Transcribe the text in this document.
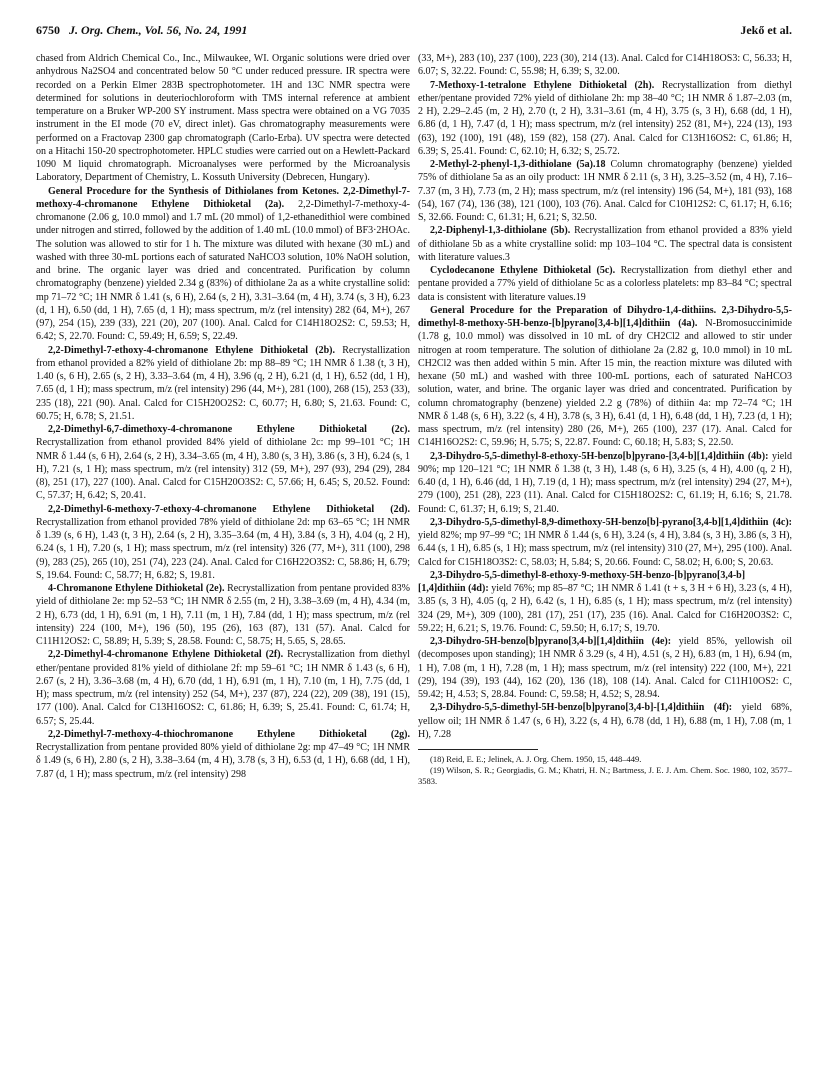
6750 J. Org. Chem., Vol. 56, No. 24, 1991	Jekő et al.

chased from Aldrich Chemical Co., Inc., Milwaukee, WI. Organic solutions were dried over anhydrous Na2SO4 and concentrated below 50 °C under reduced pressure. IR spectra were recorded on a Perkin Elmer 283B spectrophotometer. 1H and 13C NMR spectra were determined for solutions in deuteriochloroform with TMS internal reference at ambient temperature on a Bruker WP-200 SY instrument. Mass spectra were obtained on a VG 7035 instrument in the EI mode (70 eV, direct inlet). Gas chromatography measurements were performed on a Fractovap 2300 gap chromatograph (Carlo-Erba). UV spectra were detected on a Hitachi 150-20 spectrophotometer. HPLC studies were carried out on a Hewlett-Packard 1090 M liquid chromatograph. Microanalyses were performed by the Microanalysis Laboratory, Department of Chemistry, L. Kossuth University (Debrecen, Hungary).

General Procedure for the Synthesis of Dithiolanes from Ketones. 2,2-Dimethyl-7-methoxy-4-chromanone Ethylene Dithioketal (2a). 2,2-Dimethyl-7-methoxy-4-chromanone (2.06 g, 10.0 mmol) and 1.7 mL (20 mmol) of 1,2-ethanedithiol were combined under nitrogen and stirred, followed by the addition of 1.40 mL (10.0 mmol) of BF3·2HOAc. The solution was allowed to stir for 1 h. The mixture was diluted with hexane (30 mL) and washed with three 30-mL portions each of saturated NaHCO3 solution, 10% NaOH solution, and brine. The organic layer was dried and concentrated. Purification by column chromatography (benzene) yielded 2.34 g (83%) of dithiolane 2a as a white crystalline solid: mp 71–72 °C; 1H NMR δ 1.41 (s, 6 H), 2.64 (s, 2 H), 3.31–3.64 (m, 4 H), 3.74 (s, 3 H), 6.23 (d, 1 H), 6.50 (dd, 1 H), 7.65 (d, 1 H); mass spectrum, m/z (rel intensity) 282 (64, M+), 267 (97), 254 (15), 239 (33), 221 (20), 207 (100). Anal. Calcd for C14H18O2S2: C, 59.53; H, 6.42; S, 22.70. Found: C, 59.49; H, 6.59; S, 22.49.

2,2-Dimethyl-7-ethoxy-4-chromanone Ethylene Dithioketal (2b). Recrystallization from ethanol provided a 82% yield of dithiolane 2b: mp 88–89 °C; 1H NMR δ 1.38 (t, 3 H), 1.40 (s, 6 H), 2.65 (s, 2 H), 3.33–3.64 (m, 4 H), 3.96 (q, 2 H), 6.21 (d, 1 H), 6.52 (dd, 1 H), 7.65 (d, 1 H); mass spectrum, m/z (rel intensity) 296 (44, M+), 281 (100), 268 (15), 253 (33), 235 (18), 221 (90). Anal. Calcd for C15H20O2S2: C, 60.77; H, 6.80; S, 21.63. Found: C, 60.75; H, 6.78; S, 21.51.

2,2-Dimethyl-6,7-dimethoxy-4-chromanone Ethylene Dithioketal (2c). Recrystallization from ethanol provided 84% yield of dithiolane 2c: mp 99–101 °C; 1H NMR δ 1.44 (s, 6 H), 2.64 (s, 2 H), 3.34–3.65 (m, 4 H), 3.80 (s, 3 H), 3.86 (s, 3 H), 6.24 (s, 1 H), 7.21 (s, 1 H); mass spectrum, m/z (rel intensity) 312 (59, M+), 297 (93), 294 (29), 284 (8), 251 (17), 227 (100). Anal. Calcd for C15H20O3S2: C, 57.66; H, 6.45; S, 20.52. Found: C, 57.37; H, 6.42; S, 20.41.

2,2-Dimethyl-6-methoxy-7-ethoxy-4-chromanone Ethylene Dithioketal (2d). Recrystallization from ethanol provided 78% yield of dithiolane 2d: mp 63–65 °C; 1H NMR δ 1.39 (s, 6 H), 1.43 (t, 3 H), 2.64 (s, 2 H), 3.35–3.64 (m, 4 H), 3.84 (s, 3 H), 4.04 (q, 2 H), 6.24 (s, 1 H), 7.20 (s, 1 H); mass spectrum, m/z (rel intensity) 326 (77, M+), 311 (100), 298 (9), 283 (25), 265 (10), 251 (74), 223 (24). Anal. Calcd for C16H22O3S2: C, 58.86; H, 6.79; S, 19.64. Found: C, 58.77; H, 6.82; S, 19.81.

4-Chromanone Ethylene Dithioketal (2e). Recrystallization from pentane provided 83% yield of dithiolane 2e: mp 52–53 °C; 1H NMR δ 2.55 (m, 2 H), 3.38–3.69 (m, 4 H), 4.34 (m, 2 H), 6.73 (dd, 1 H), 6.91 (m, 1 H), 7.11 (m, 1 H), 7.84 (dd, 1 H); mass spectrum, m/z (rel intensity) 224 (100, M+), 196 (50), 195 (26), 163 (87), 131 (57). Anal. Calcd for C11H12OS2: C, 58.89; H, 5.39; S, 28.58. Found: C, 58.75; H, 5.65, S, 28.65.

2,2-Dimethyl-4-chromanone Ethylene Dithioketal (2f). Recrystallization from diethyl ether/pentane provided 81% yield of dithiolane 2f: mp 59–61 °C; 1H NMR δ 1.43 (s, 6 H), 2.67 (s, 2 H), 3.36–3.68 (m, 4 H), 6.70 (dd, 1 H), 6.91 (m, 1 H), 7.10 (m, 1 H), 7.75 (dd, 1 H); mass spectrum, m/z (rel intensity) 252 (54, M+), 237 (87), 224 (22), 209 (38), 191 (15), 177 (100). Anal. Calcd for C13H16OS2: C, 61.86; H, 6.39; S, 25.41. Found: C, 61.74; H, 6.57; S, 25.44.

2,2-Dimethyl-7-methoxy-4-thiochromanone Ethylene Dithioketal (2g). Recrystallization from pentane provided 80% yield of dithiolane 2g: mp 47–49 °C; 1H NMR δ 1.49 (s, 6 H), 2.80 (s, 2 H), 3.38–3.64 (m, 4 H), 3.78 (s, 3 H), 6.53 (d, 1 H), 6.68 (dd, 1 H), 7.87 (d, 1 H); mass spectrum, m/z (rel intensity) 298

(33, M+), 283 (10), 237 (100), 223 (30), 214 (13). Anal. Calcd for C14H18OS3: C, 56.33; H, 6.07; S, 32.22. Found: C, 55.98; H, 6.39; S, 32.00.

7-Methoxy-1-tetralone Ethylene Dithioketal (2h). Recrystallization from diethyl ether/pentane provided 72% yield of dithiolane 2h: mp 38–40 °C; 1H NMR δ 1.87–2.03 (m, 2 H), 2.29–2.45 (m, 2 H), 2.70 (t, 2 H), 3.31–3.61 (m, 4 H), 3.75 (s, 3 H), 6.68 (dd, 1 H), 6.86 (d, 1 H), 7.47 (d, 1 H); mass spectrum, m/z (rel intensity) 252 (81, M+), 224 (13), 193 (63), 192 (100), 191 (48), 159 (82), 158 (27). Anal. Calcd for C13H16OS2: C, 61.86; H, 6.39; S, 25.41. Found: C, 62.10; H, 6.32; S, 25.72.

2-Methyl-2-phenyl-1,3-dithiolane (5a).18 Column chromatography (benzene) yielded 75% of dithiolane 5a as an oily product: 1H NMR δ 2.11 (s, 3 H), 3.25–3.52 (m, 4 H), 7.16–7.37 (m, 3 H), 7.73 (m, 2 H); mass spectrum, m/z (rel intensity) 196 (54, M+), 181 (93), 168 (54), 167 (74), 136 (38), 121 (100), 103 (76). Anal. Calcd for C10H12S2: C, 61.17; H, 6.16; S, 32.66. Found: C, 61.31; H, 6.21; S, 32.50.

2,2-Diphenyl-1,3-dithiolane (5b). Recrystallization from ethanol provided a 83% yield of dithiolane 5b as a white crystalline solid: mp 103–104 °C. The spectral data is consistent with literature values.3

Cyclodecanone Ethylene Dithioketal (5c). Recrystallization from diethyl ether and pentane provided a 77% yield of dithiolane 5c as a colorless platelets: mp 83–84 °C; spectral data is consistent with literature values.19

General Procedure for the Preparation of Dihydro-1,4-dithiins. 2,3-Dihydro-5,5-dimethyl-8-methoxy-5H-benzo-[b]pyrano[3,4-b][1,4]dithiin (4a). N-Bromosuccinimide (1.78 g, 10.0 mmol) was dissolved in 10 mL of dry CH2Cl2 and allowed to stir under nitrogen at room temperature. The solution of dithiolane 2a (2.82 g, 10.0 mmol) in 10 mL CH2Cl2 was then added within 5 min. After 15 min, the reaction mixture was diluted with hexane (50 mL) and washed with three 100-mL portions, each of saturated NaHCO3 solution, water, and brine. The organic layer was dried and concentrated. Purification by column chromatography (benzene) yielded 2.2 g (78%) of dithiin 4a: mp 72–74 °C; 1H NMR δ 1.48 (s, 6 H), 3.22 (s, 4 H), 3.78 (s, 3 H), 6.41 (d, 1 H), 6.48 (dd, 1 H), 7.23 (d, 1 H); mass spectrum, m/z (rel intensity) 280 (26, M+), 265 (100), 237 (17). Anal. Calcd for C14H16O2S2: C, 59.96; H, 5.75; S, 22.87. Found: C, 60.18; H, 5.83; S, 22.50.

2,3-Dihydro-5,5-dimethyl-8-ethoxy-5H-benzo[b]pyrano-[3,4-b][1,4]dithiin (4b): yield 90%; mp 120–121 °C; 1H NMR δ 1.38 (t, 3 H), 1.48 (s, 6 H), 3.25 (s, 4 H), 4.00 (q, 2 H), 6.40 (d, 1 H), 6.46 (dd, 1 H), 7.19 (d, 1 H); mass spectrum, m/z (rel intensity) 294 (27, M+), 279 (100), 251 (28), 223 (11). Anal. Calcd for C15H18O2S2: C, 61.19; H, 6.16; S, 21.78. Found: C, 61.37; H, 6.19; S, 21.40.

2,3-Dihydro-5,5-dimethyl-8,9-dimethoxy-5H-benzo[b]-pyrano[3,4-b][1,4]dithiin (4c): yield 82%; mp 97–99 °C; 1H NMR δ 1.44 (s, 6 H), 3.24 (s, 4 H), 3.84 (s, 3 H), 3.86 (s, 3 H), 6.44 (s, 1 H), 6.85 (s, 1 H); mass spectrum, m/z (rel intensity) 310 (27, M+), 295 (100). Anal. Calcd for C15H18O3S2: C, 58.03; H, 5.84; S, 20.66. Found: C, 58.02; H, 6.00; S, 20.63.

2,3-Dihydro-5,5-dimethyl-8-ethoxy-9-methoxy-5H-benzo-[b]pyrano[3,4-b][1,4]dithiin (4d): yield 76%; mp 85–87 °C; 1H NMR δ 1.41 (t + s, 3 H + 6 H), 3.23 (s, 4 H), 3.85 (s, 3 H), 4.05 (q, 2 H), 6.42 (s, 1 H), 6.85 (s, 1 H); mass spectrum, m/z (rel intensity) 324 (29, M+), 309 (100), 281 (17), 251 (17), 235 (16). Anal. Calcd for C16H20O3S2: C, 59.22; H, 6.21; S, 19.76. Found: C, 59.50; H, 6.17; S, 19.70.

2,3-Dihydro-5H-benzo[b]pyrano[3,4-b][1,4]dithiin (4e): yield 85%, yellowish oil (decomposes upon standing); 1H NMR δ 3.29 (s, 4 H), 4.51 (s, 2 H), 6.83 (m, 1 H), 6.94 (m, 1 H), 7.08 (m, 1 H), 7.28 (m, 1 H); mass spectrum, m/z (rel intensity) 222 (100, M+), 221 (29), 194 (39), 193 (44), 162 (20), 136 (18), 108 (14). Anal. Calcd for C11H10OS2: C, 59.42; H, 4.53; S, 28.84. Found: C, 59.58; H, 4.52; S, 28.94.

2,3-Dihydro-5,5-dimethyl-5H-benzo[b]pyrano[3,4-b]-[1,4]dithiin (4f): yield 68%, yellow oil; 1H NMR δ 1.47 (s, 6 H), 3.22 (s, 4 H), 6.78 (dd, 1 H), 6.88 (m, 1 H), 7.08 (m, 1 H), 7.28

(18) Reid, E. E.; Jelinek, A. J. Org. Chem. 1950, 15, 448–449.

(19) Wilson, S. R.; Georgiadis, G. M.; Khatri, H. N.; Bartmess, J. E. J. Am. Chem. Soc. 1980, 102, 3577–3583.
